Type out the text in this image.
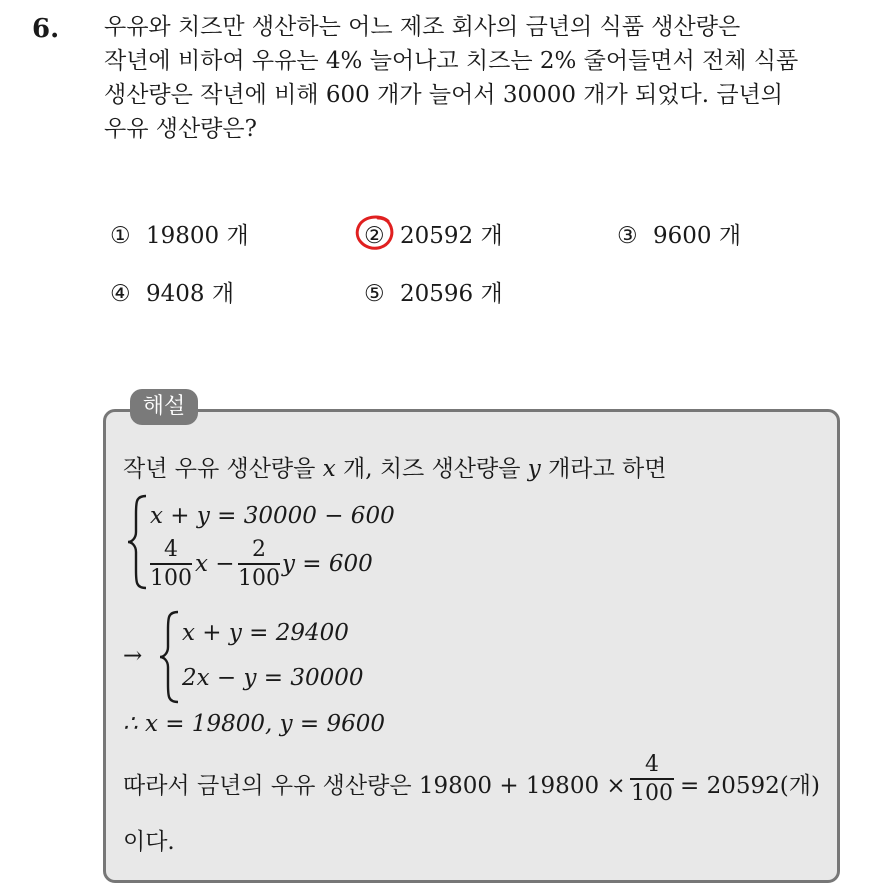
6. 우유와 치즈만 생산하는 어느 제조 회사의 금년의 식품 생산량은
작년에 비하여 우유는 4% 늘어나고 치즈는 2% 줄어들면서 전체 식품
생산량은 작년에 비해 600 개가 늘어서 30000 개가 되었다. 금년의
우유 생산량은?
① 19800 개	② 20592 개	③ 9600 개
④ 9408 개	⑤ 20596 개
해설
작년 우유 생산량을 x 개, 치즈 생산량을 y 개라고 하면
x + y = 30000 − 600
4
100
x −
2
100
y = 600
→
x + y = 29400
2x − y = 30000
∴ x = 19800, y = 9600
따라서 금년의 우유 생산량은 19800 + 19800 ×
4
100 = 20592(개)
이다.
